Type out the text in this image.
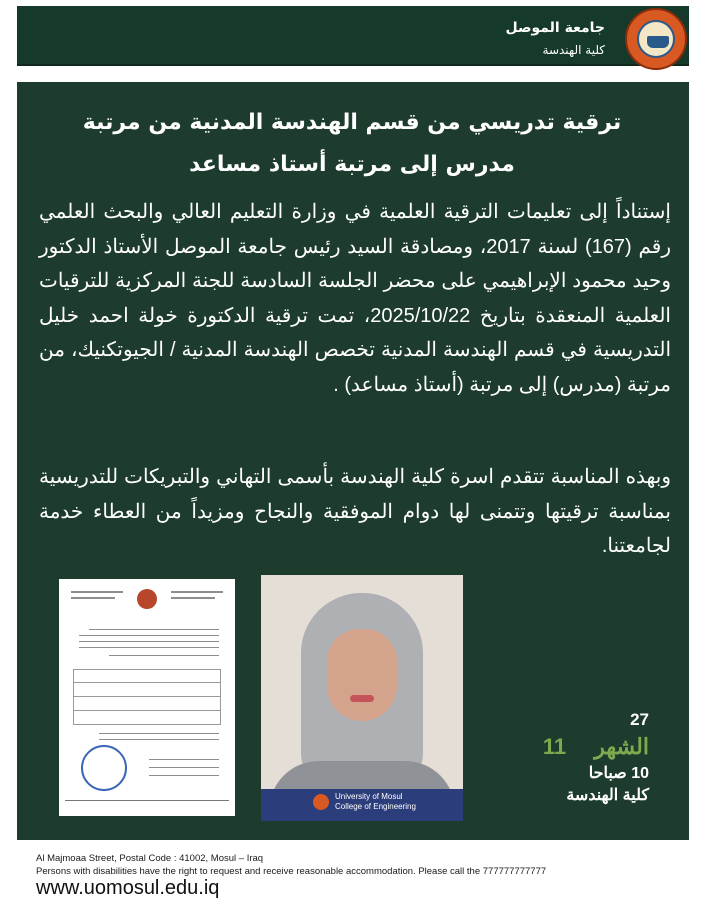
جامعة الموصل
كلية الهندسة
ترقية تدريسي من قسم الهندسة المدنية من مرتبة
مدرس إلى مرتبة أستاذ مساعد
إستناداً إلى تعليمات الترقية العلمية في وزارة التعليم العالي والبحث العلمي رقم (167) لسنة 2017، ومصادقة السيد رئيس جامعة الموصل الأستاذ الدكتور وحيد محمود الإبراهيمي على محضر الجلسة السادسة للجنة المركزية للترقيات العلمية المنعقدة بتاريخ 2025/10/22، تمت ترقية الدكتورة خولة احمد خليل التدريسية في قسم الهندسة المدنية تخصص الهندسة المدنية / الجيوتكنيك، من مرتبة (مدرس) إلى مرتبة (أستاذ مساعد) .
وبهذه المناسبة تتقدم اسرة كلية الهندسة بأسمى التهاني والتبريكات للتدريسية بمناسبة ترقيتها وتتمنى لها دوام الموفقية والنجاح ومزيداً من العطاء خدمة لجامعتنا.
University of Mosul
College of Engineering
27
الشهر 11
10 صباحا
كلية الهندسة
Al Majmoaa Street, Postal Code : 41002, Mosul – Iraq
Persons with disabilities have the right to request and receive reasonable accommodation. Please call the 777777777777
www.uomosul.edu.iq
